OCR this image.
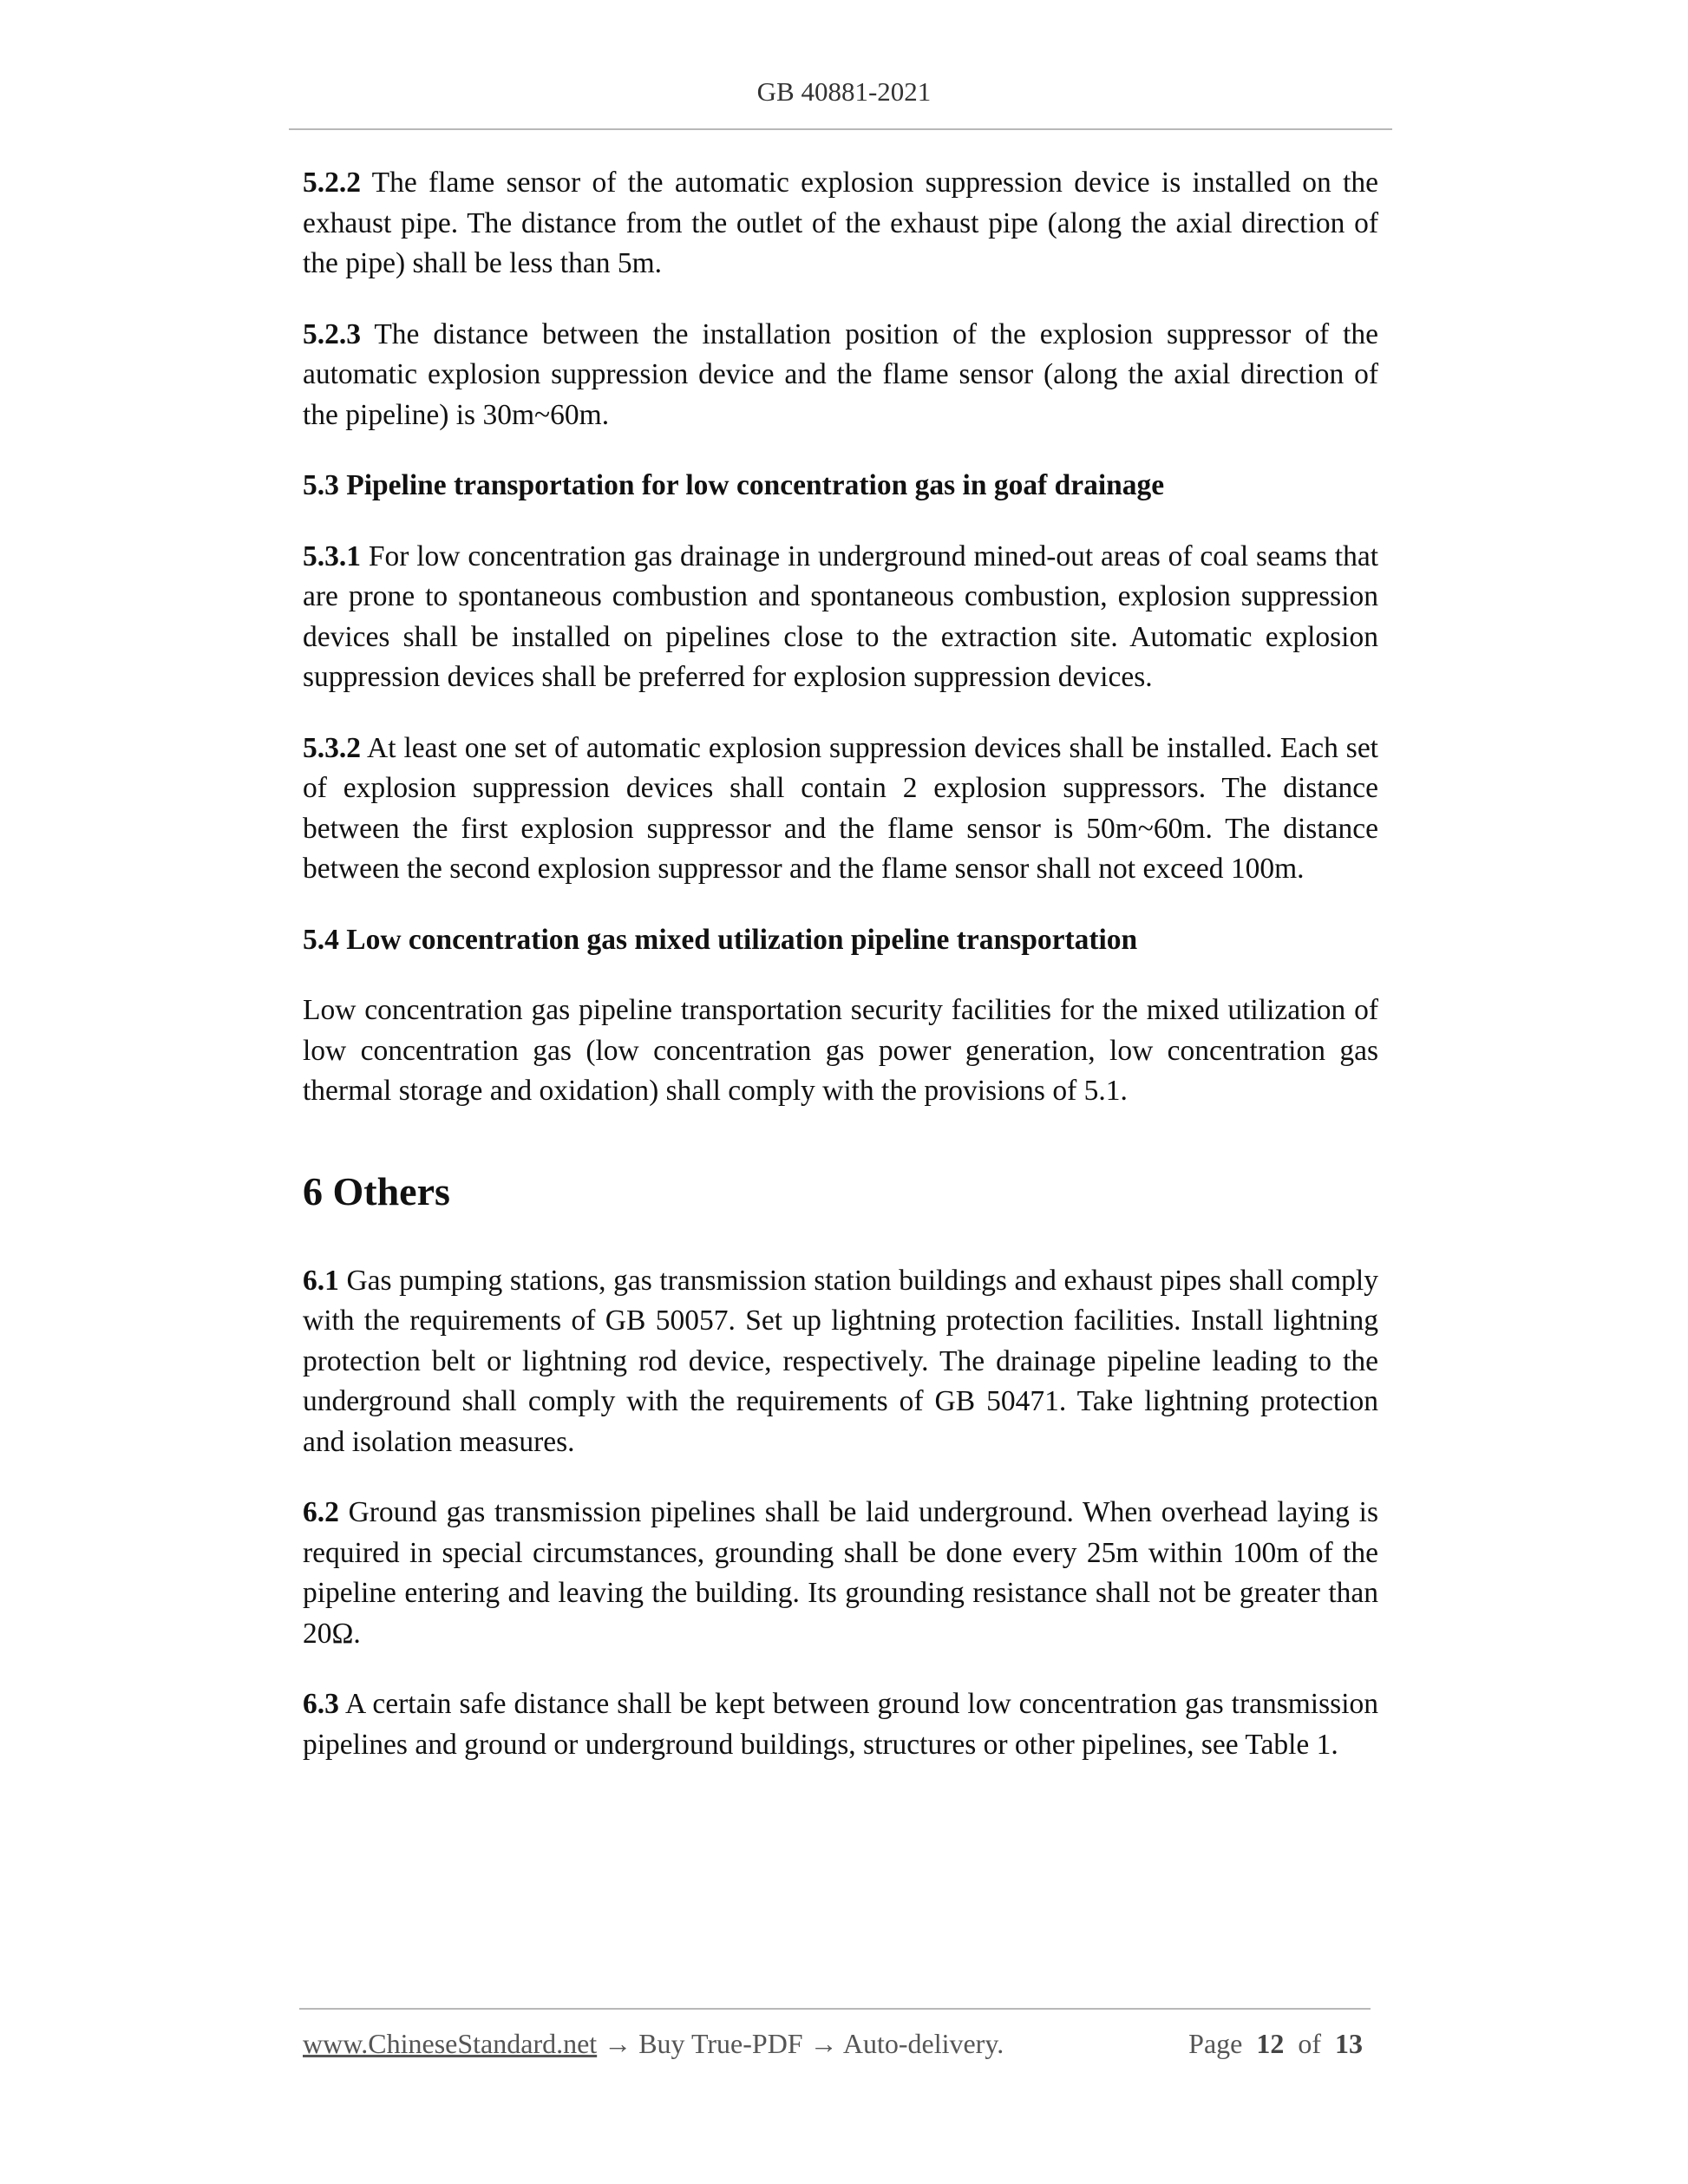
GB 40881-2021

5.2.2 The flame sensor of the automatic explosion suppression device is installed on the exhaust pipe. The distance from the outlet of the exhaust pipe (along the axial direction of the pipe) shall be less than 5m.

5.2.3 The distance between the installation position of the explosion suppressor of the automatic explosion suppression device and the flame sensor (along the axial direction of the pipeline) is 30m~60m.

5.3 Pipeline transportation for low concentration gas in goaf drainage

5.3.1 For low concentration gas drainage in underground mined-out areas of coal seams that are prone to spontaneous combustion and spontaneous combustion, explosion suppression devices shall be installed on pipelines close to the extraction site. Automatic explosion suppression devices shall be preferred for explosion suppression devices.

5.3.2 At least one set of automatic explosion suppression devices shall be installed. Each set of explosion suppression devices shall contain 2 explosion suppressors. The distance between the first explosion suppressor and the flame sensor is 50m~60m. The distance between the second explosion suppressor and the flame sensor shall not exceed 100m.

5.4 Low concentration gas mixed utilization pipeline transportation

Low concentration gas pipeline transportation security facilities for the mixed utilization of low concentration gas (low concentration gas power generation, low concentration gas thermal storage and oxidation) shall comply with the provisions of 5.1.

6 Others

6.1 Gas pumping stations, gas transmission station buildings and exhaust pipes shall comply with the requirements of GB 50057. Set up lightning protection facilities. Install lightning protection belt or lightning rod device, respectively. The drainage pipeline leading to the underground shall comply with the requirements of GB 50471. Take lightning protection and isolation measures.

6.2 Ground gas transmission pipelines shall be laid underground. When overhead laying is required in special circumstances, grounding shall be done every 25m within 100m of the pipeline entering and leaving the building. Its grounding resistance shall not be greater than 20Ω.

6.3 A certain safe distance shall be kept between ground low concentration gas transmission pipelines and ground or underground buildings, structures or other pipelines, see Table 1.

www.ChineseStandard.net → Buy True-PDF → Auto-delivery.	Page 12 of 13
